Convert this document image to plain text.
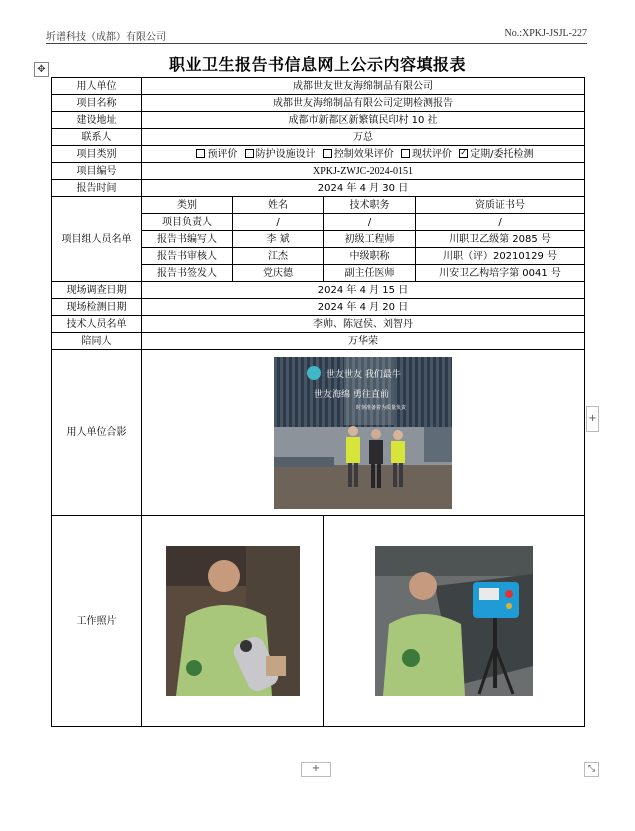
圻谱科技（成都）有限公司	No.:XPKJ-JSJL-227
✥	职业卫生报告书信息网上公示内容填报表
用人单位	成都世友世友海绵制品有限公司			
项目名称	成都世友海绵制品有限公司定期检测报告			
建设地址	成都市新都区新繁镇民印村 10 社			
联系人	万总			
项目类别	预评价 防护设施设计 控制效果评价 现状评价 ✓ 定期/委托检测
项目编号	XPKJ-ZWJC-2024-0151			
报告时间	2024 年 4 月 30 日			
项目组人员名单	类别	姓名	技术职务	资质证书号
	项目负责人	/	/	/
	报告书编写人	李 斌	初级工程师	川职卫乙级第 2085 号
	报告书审核人	江杰	中级职称	川职（评）20210129 号
	报告书签发人	党庆德	副主任医师	川安卫乙构培字第 0041 号
现场调查日期	2024 年 4 月 15 日			
现场检测日期	2024 年 4 月 20 日			
技术人员名单	李帅、陈冠侯、刘智丹			
陪同人	万华荣			
用人单位合影	世友世友 我们最牛
世友海绵 勇往直前
时刻准备着为质量负责			

工作照片	

+
+	⤡
